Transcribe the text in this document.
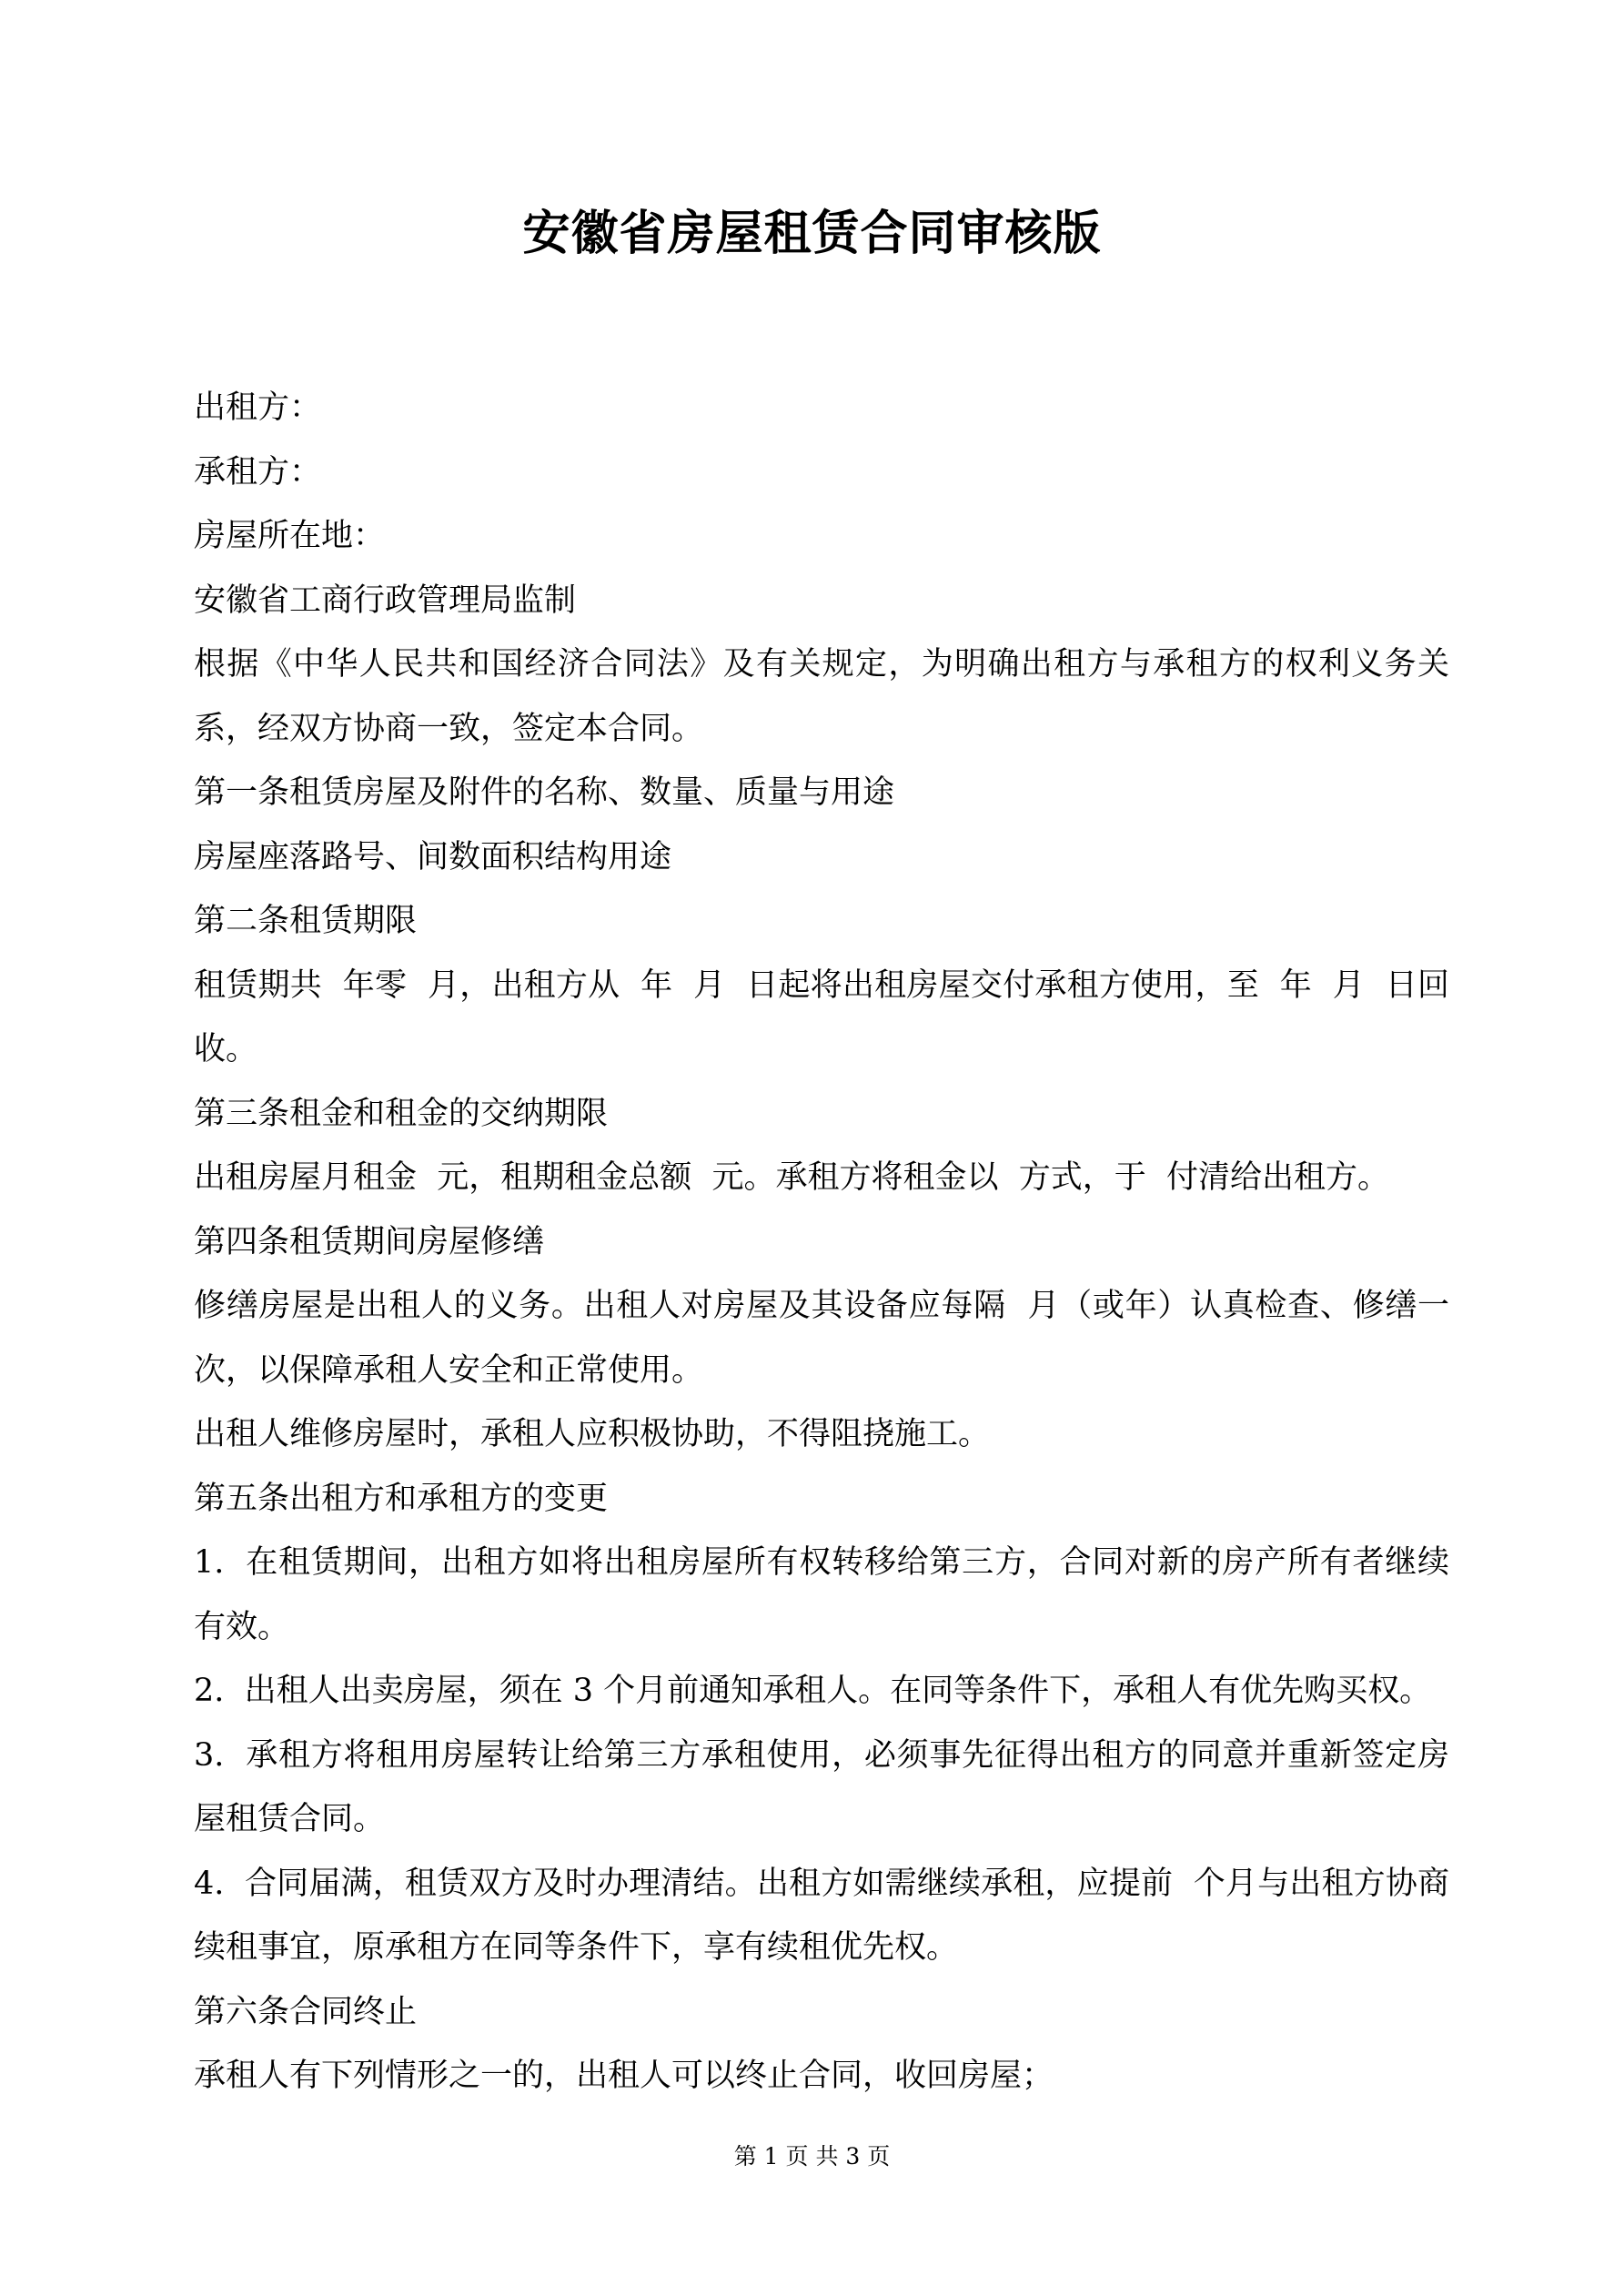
安徽省房屋租赁合同审核版

出租方：

承租方：

房屋所在地：

安徽省工商行政管理局监制

根据《中华人民共和国经济合同法》及有关规定，为明确出租方与承租方的权利义务关系，经双方协商一致，签定本合同。

第一条租赁房屋及附件的名称、数量、质量与用途

房屋座落路号、间数面积结构用途

第二条租赁期限

租赁期共  年零  月，出租方从  年  月  日起将出租房屋交付承租方使用，至  年  月  日回收。

第三条租金和租金的交纳期限

出租房屋月租金  元，租期租金总额  元。承租方将租金以  方式，于  付清给出租方。

第四条租赁期间房屋修缮

修缮房屋是出租人的义务。出租人对房屋及其设备应每隔  月（或年）认真检查、修缮一次，以保障承租人安全和正常使用。

出租人维修房屋时，承租人应积极协助，不得阻挠施工。

第五条出租方和承租方的变更

1.  在租赁期间，出租方如将出租房屋所有权转移给第三方，合同对新的房产所有者继续有效。

2.  出租人出卖房屋，须在 3 个月前通知承租人。在同等条件下，承租人有优先购买权。

3.  承租方将租用房屋转让给第三方承租使用，必须事先征得出租方的同意并重新签定房屋租赁合同。

4.  合同届满，租赁双方及时办理清结。出租方如需继续承租，应提前  个月与出租方协商续租事宜，原承租方在同等条件下，享有续租优先权。

第六条合同终止

承租人有下列情形之一的，出租人可以终止合同，收回房屋；

第 1 页 共 3 页
